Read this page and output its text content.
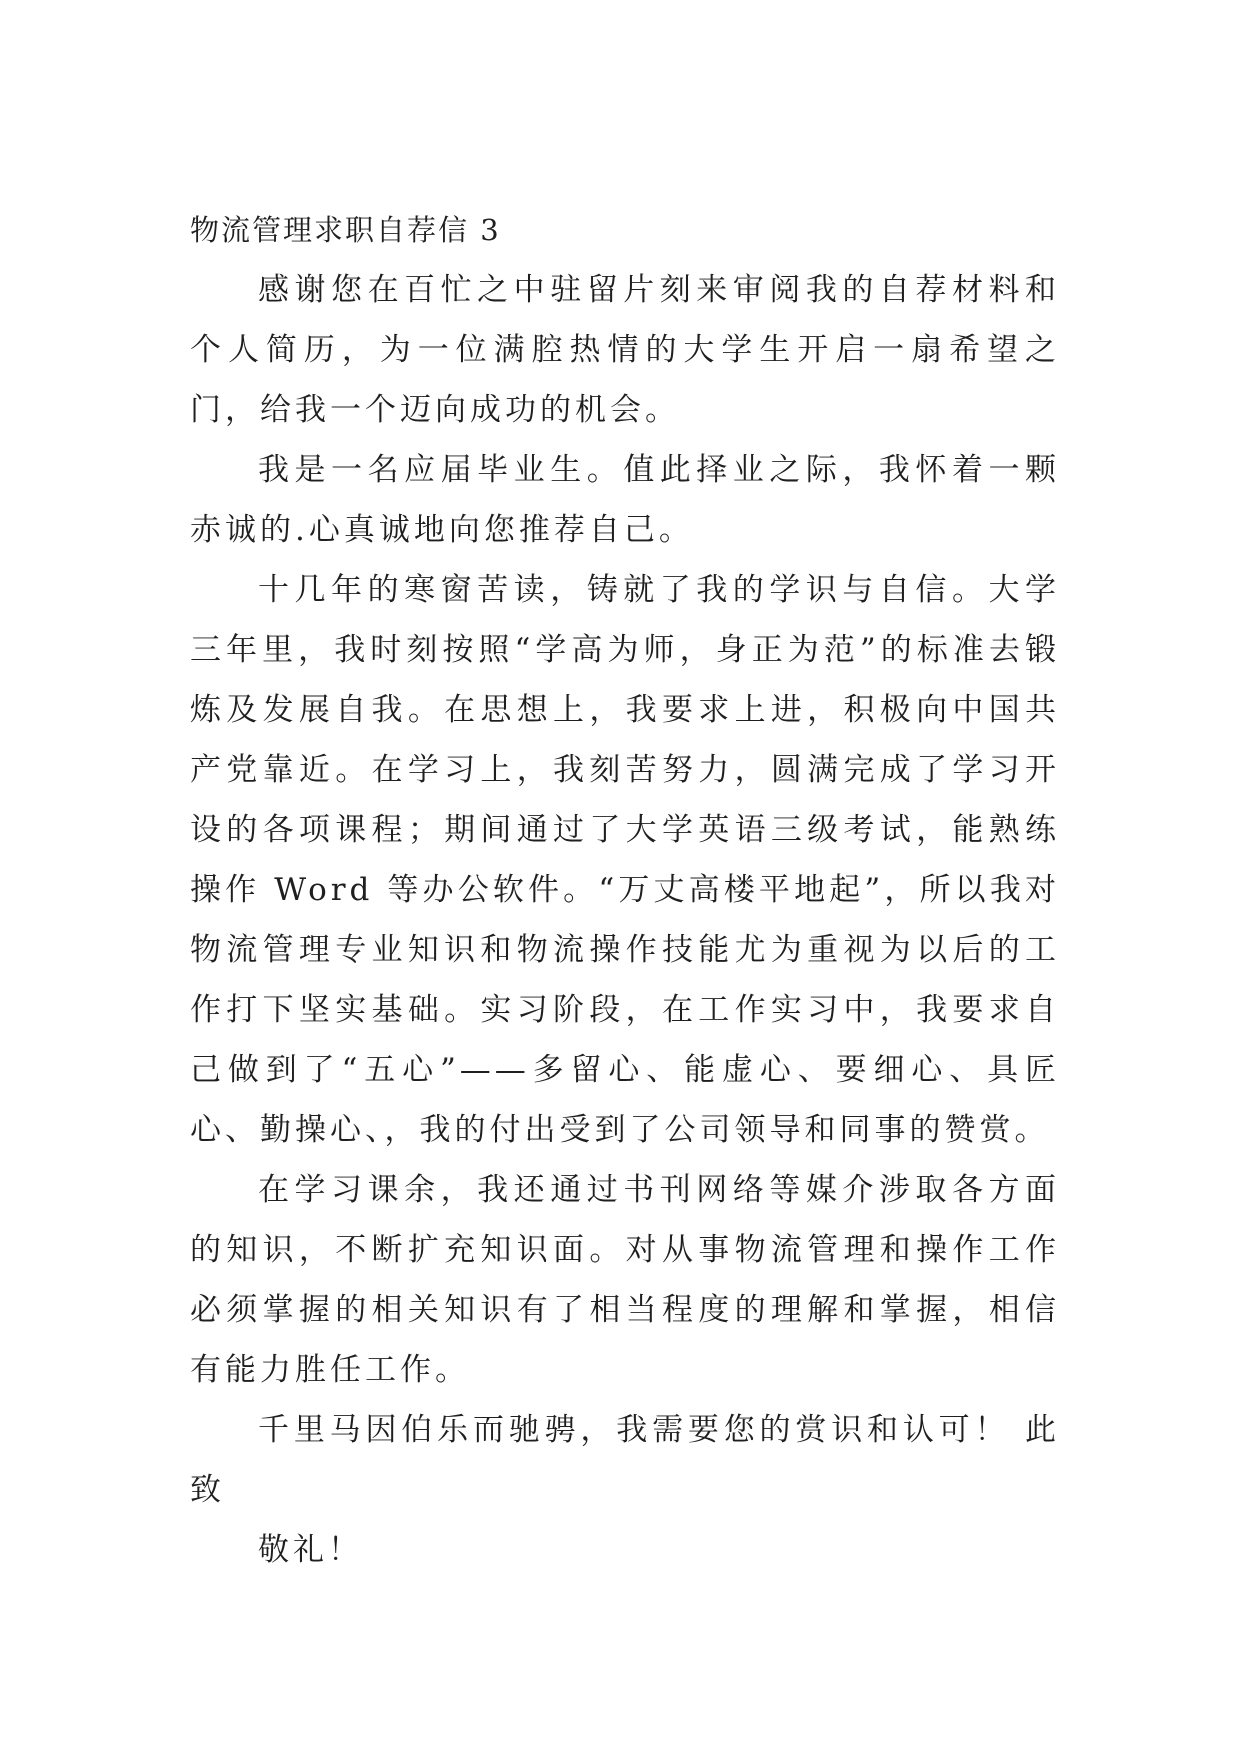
物流管理求职自荐信 3

感谢您在百忙之中驻留片刻来审阅我的自荐材料和个人简历，为一位满腔热情的大学生开启一扇希望之门，给我一个迈向成功的机会。

我是一名应届毕业生。值此择业之际，我怀着一颗赤诚的.心真诚地向您推荐自己。

十几年的寒窗苦读，铸就了我的学识与自信。大学三年里，我时刻按照“学高为师，身正为范”的标准去锻炼及发展自我。在思想上，我要求上进，积极向中国共产党靠近。在学习上，我刻苦努力，圆满完成了学习开设的各项课程；期间通过了大学英语三级考试，能熟练操作 Word 等办公软件。“万丈高楼平地起”，所以我对物流管理专业知识和物流操作技能尤为重视为以后的工作打下坚实基础。实习阶段，在工作实习中，我要求自己做到了“五心”——多留心、能虚心、要细心、具匠心、勤操心、，我的付出受到了公司领导和同事的赞赏。

在学习课余，我还通过书刊网络等媒介涉取各方面的知识，不断扩充知识面。对从事物流管理和操作工作必须掌握的相关知识有了相当程度的理解和掌握，相信有能力胜任工作。

千里马因伯乐而驰骋，我需要您的赏识和认可！ 此致

敬礼！
